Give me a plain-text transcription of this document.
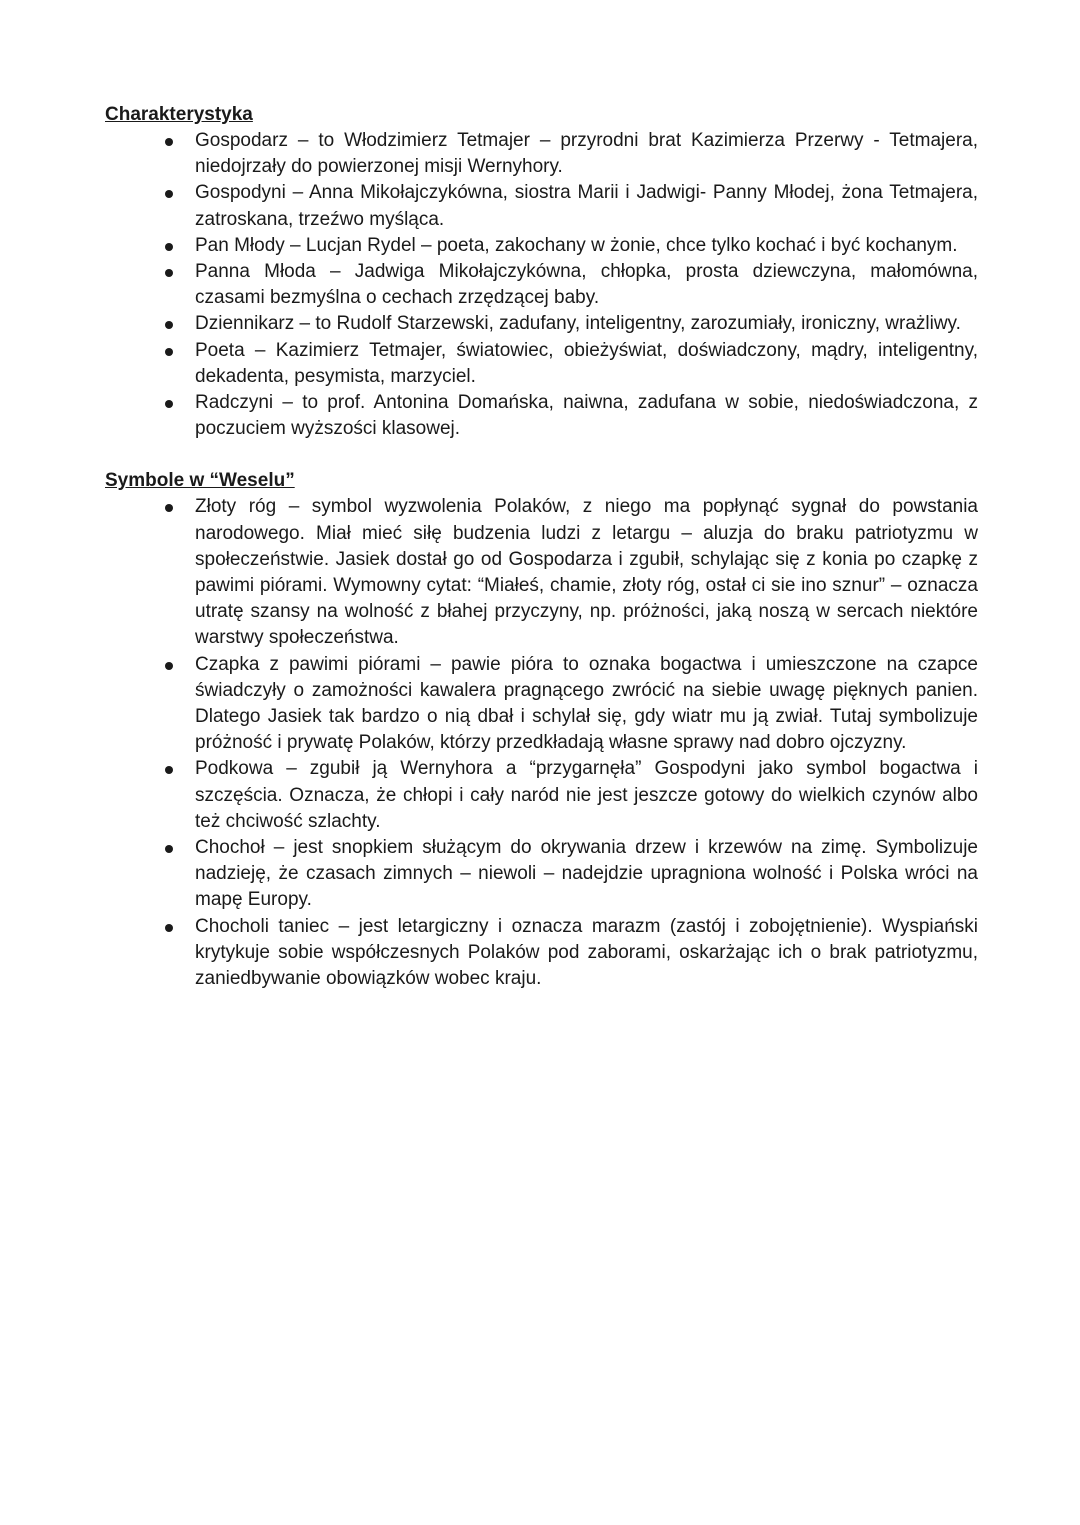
Charakterystyka
Gospodarz – to Włodzimierz Tetmajer – przyrodni brat Kazimierza Przerwy - Tetmajera, niedojrzały do powierzonej misji Wernyhory.
Gospodyni – Anna Mikołajczykówna, siostra Marii i Jadwigi- Panny Młodej, żona Tetmajera, zatroskana, trzeźwo myśląca.
Pan Młody – Lucjan Rydel – poeta, zakochany w żonie, chce tylko kochać i być kochanym.
Panna Młoda – Jadwiga Mikołajczykówna, chłopka, prosta dziewczyna, małomówna, czasami bezmyślna o cechach zrzędzącej baby.
Dziennikarz – to Rudolf Starzewski, zadufany, inteligentny, zarozumiały, ironiczny, wrażliwy.
Poeta – Kazimierz Tetmajer, światowiec, obieżyświat, doświadczony, mądry, inteligentny, dekadenta, pesymista, marzyciel.
Radczyni – to prof. Antonina Domańska, naiwna, zadufana w sobie, niedoświadczona, z poczuciem wyższości klasowej.
Symbole w “Weselu”
Złoty róg – symbol wyzwolenia Polaków, z niego ma popłynąć sygnał do powstania narodowego. Miał mieć siłę budzenia ludzi z letargu – aluzja do braku patriotyzmu w społeczeństwie. Jasiek dostał go od Gospodarza i zgubił, schylając się z konia po czapkę z pawimi piórami. Wymowny cytat: “Miałeś, chamie, złoty róg, ostał ci sie ino sznur” – oznacza utratę szansy na wolność z błahej przyczyny, np. próżności, jaką noszą w sercach niektóre warstwy społeczeństwa.
Czapka z pawimi piórami – pawie pióra to oznaka bogactwa i umieszczone na czapce świadczyły o zamożności kawalera pragnącego zwrócić na siebie uwagę pięknych panien. Dlatego Jasiek tak bardzo o nią dbał i schylał się, gdy wiatr mu ją zwiał. Tutaj symbolizuje próżność i prywatę Polaków, którzy przedkładają własne sprawy nad dobro ojczyzny.
Podkowa – zgubił ją Wernyhora a “przygarnęła” Gospodyni jako symbol bogactwa i szczęścia. Oznacza, że chłopi i cały naród nie jest jeszcze gotowy do wielkich czynów albo też chciwość szlachty.
Chochoł – jest snopkiem służącym do okrywania drzew i krzewów na zimę. Symbolizuje nadzieję, że czasach zimnych – niewoli – nadejdzie upragniona wolność i Polska wróci na mapę Europy.
Chocholi taniec – jest letargiczny i oznacza marazm (zastój i zobojętnienie). Wyspiański krytykuje sobie współczesnych Polaków pod zaborami, oskarżając ich o brak patriotyzmu, zaniedbywanie obowiązków wobec kraju.
